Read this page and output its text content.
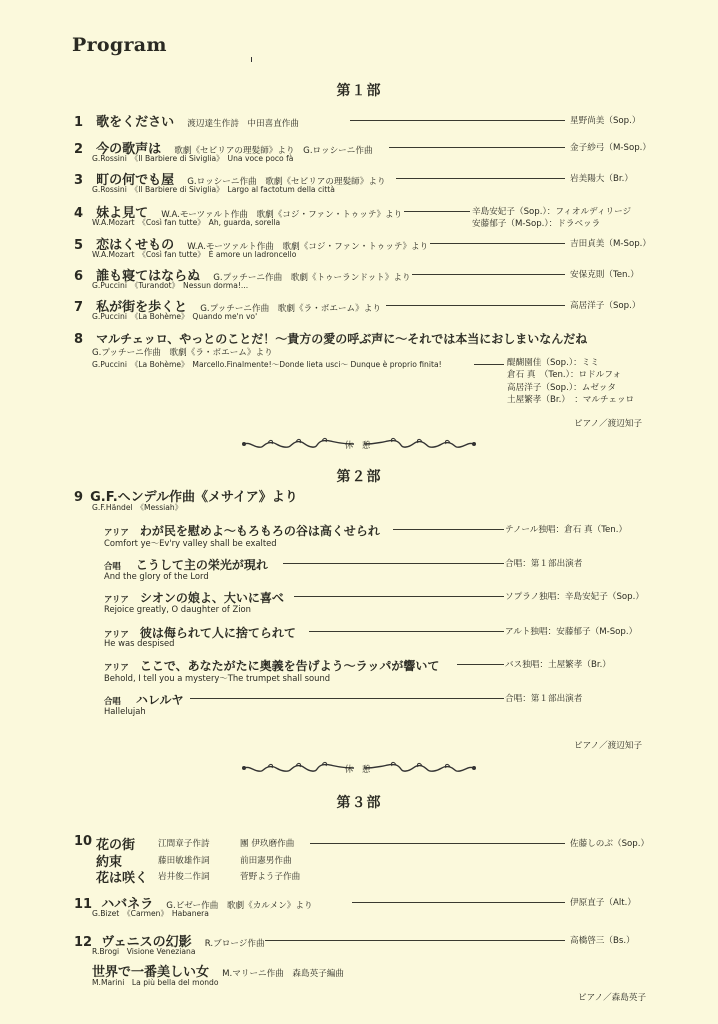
Program
第１部
1 歌をください 渡辺達生作詩　中田喜直作曲	星野尚美（Sop.）
2 今の歌声は 歌劇《セビリアの理髪師》より　G.ロッシーニ作曲	金子紗弓（M-Sop.）
G.Rossini　《Il Barbiere di Siviglia》　Una voce poco fà
3 町の何でも屋 G.ロッシーニ作曲　歌劇《セビリアの理髪師》より	岩美陽大（Br.）
G.Rossini　《Il Barbiere di Siviglia》　Largo al factotum della città
4 妹よ見て W.A.モーツァルト作曲　歌劇《コジ・ファン・トゥッテ》より	辛島安妃子（Sop.）：フィオルディリージ
安藤郁子（M-Sop.）：ドラベッラ
W.A.Mozart　《Così fan tutte》　Ah, guarda, sorella
5 恋はくせもの W.A.モーツァルト作曲　歌劇《コジ・ファン・トゥッテ》より	吉田貞美（M-Sop.）
W.A.Mozart　《Così fan tutte》　È amore un ladroncello
6 誰も寝てはならぬ G.プッチーニ作曲　歌劇《トゥーランドット》より	安保克則（Ten.）
G.Puccini　《Turandot》　Nessun dorma!...
7 私が街を歩くと G.プッチーニ作曲　歌劇《ラ・ボエーム》より	高居洋子（Sop.）
G.Puccini　《La Bohème》　Quando me'n vo'
8 マルチェッロ、やっとのことだ！〜貴方の愛の呼ぶ声に〜それでは本当におしまいなんだね
G.プッチーニ作曲　歌劇《ラ・ボエーム》より
G.Puccini　《La Bohème》　Marcello.Finalmente!〜Donde lieta usci〜 Dunque è proprio finita!	醍醐園佳（Sop.）：ミミ
倉石 真　（Ten.）：ロドルフォ
高居洋子（Sop.）：ムゼッタ
土屋繁孝（Br.）　：マルチェッロ
ピアノ／渡辺知子
休 憩
第２部
9 G.F.ヘンデル作曲《メサイア》より
G.F.Händel　《Messiah》
アリア わが民を慰めよ〜もろもろの谷は高くせられ	テノール独唱：倉石 真（Ten.）
Comfort ye〜Ev'ry valley shall be exalted
合唱 こうして主の栄光が現れ	合唱：第１部出演者
And the glory of the Lord
アリア シオンの娘よ、大いに喜べ	ソプラノ独唱：辛島安妃子（Sop.）
Rejoice greatly, O daughter of Zion
アリア 彼は侮られて人に捨てられて	アルト独唱：安藤郁子（M-Sop.）
He was despised
アリア ここで、あなたがたに奥義を告げよう〜ラッパが響いて	バス独唱：土屋繁孝（Br.）
Behold, I tell you a mystery〜The trumpet shall sound
合唱 ハレルヤ	合唱：第１部出演者
Hallelujah
ピアノ／渡辺知子
休 憩
第３部
10 花の街	江間章子作詩	團 伊玖磨作曲	佐藤しのぶ（Sop.）
約束	藤田敏雄作詞	前田憲男作曲
花は咲く 岩井俊二作詞	菅野よう子作曲
11 ハバネラ G.ビゼー作曲　歌劇《カルメン》より	伊原直子（Alt.）
G.Bizet　《Carmen》　Habanera
12 ヴェニスの幻影 R.ブロージ作曲	高橋啓三（Bs.）
R.Brogi　Visione Veneziana
世界で一番美しい女 M.マリーニ作曲　森島英子編曲
M.Marini　La più bella del mondo
ピアノ／森島英子
